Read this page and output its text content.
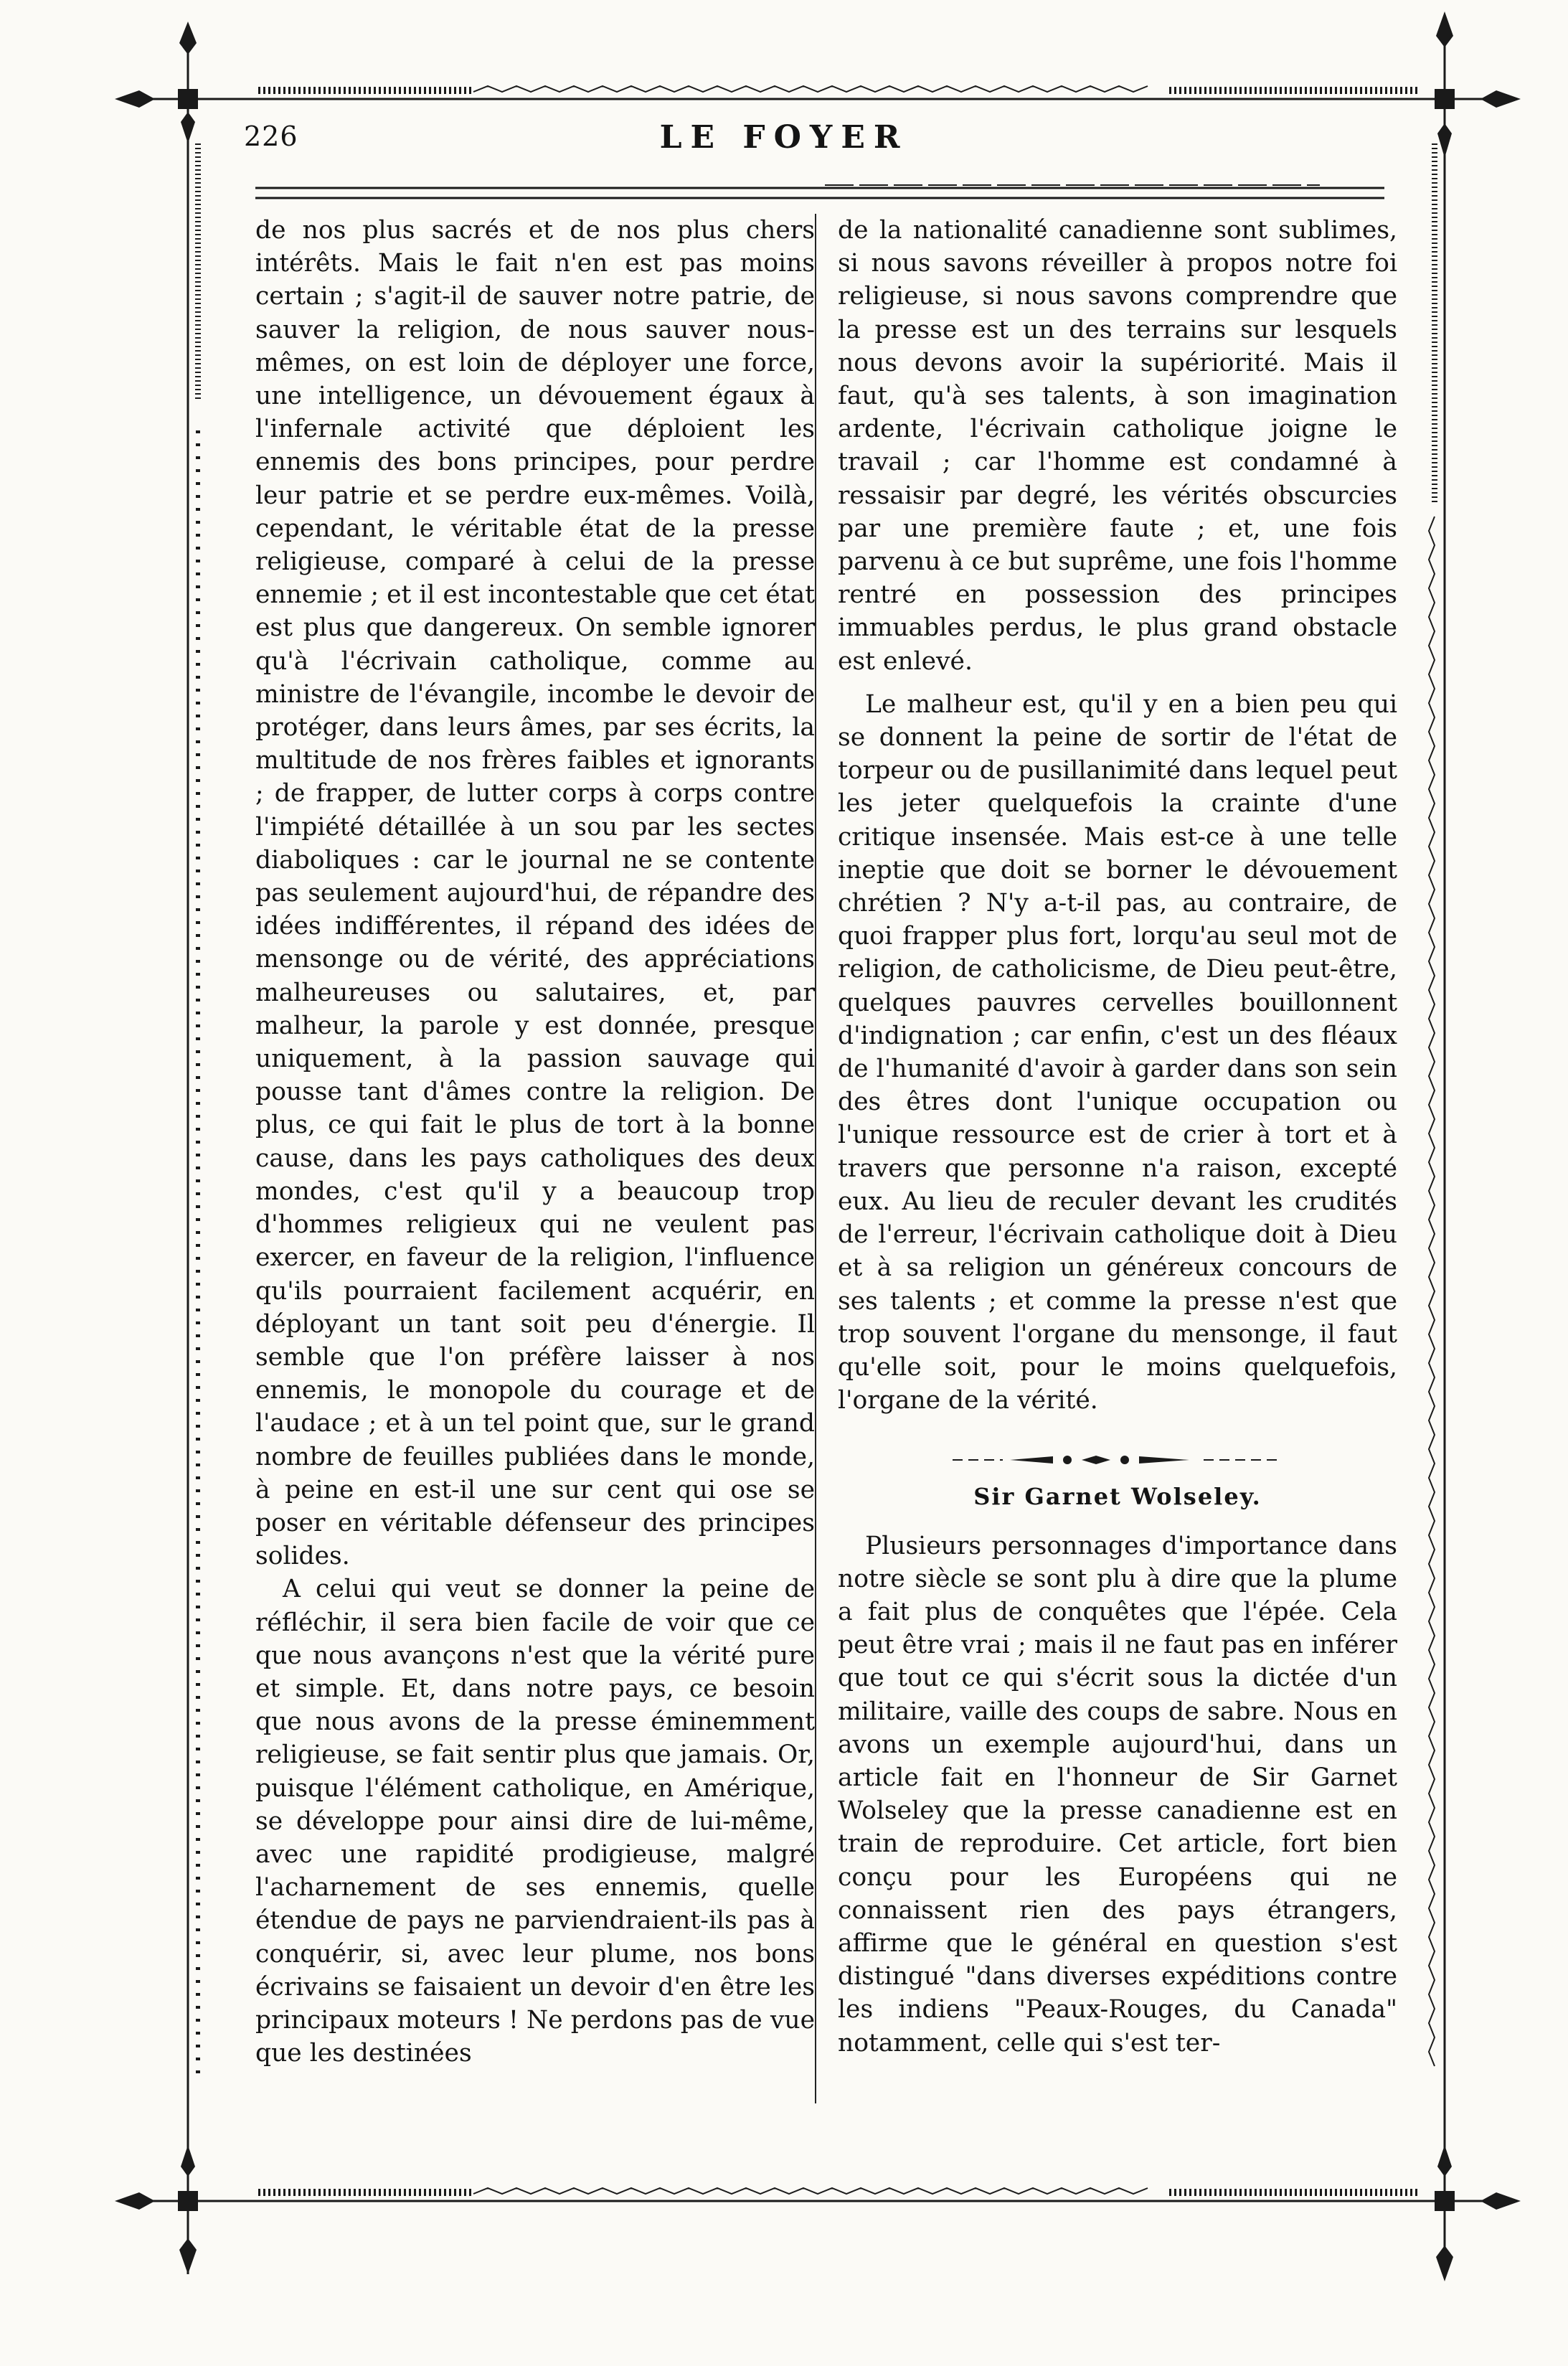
226	LE FOYER

de nos plus sacrés et de nos plus chers intérêts. Mais le fait n'en est pas moins certain ; s'agit-il de sauver notre patrie, de sauver la religion, de nous sauver nous-mêmes, on est loin de déployer une force, une intelligence, un dévouement égaux à l'infernale activité que déploient les ennemis des bons principes, pour perdre leur patrie et se perdre eux-mêmes. Voilà, cependant, le véritable état de la presse religieuse, comparé à celui de la presse ennemie ; et il est incontestable que cet état est plus que dangereux. On semble ignorer qu'à l'écrivain catholique, comme au ministre de l'évangile, incombe le devoir de protéger, dans leurs âmes, par ses écrits, la multitude de nos frères faibles et ignorants ; de frapper, de lutter corps à corps contre l'impiété détaillée à un sou par les sectes diaboliques : car le journal ne se contente pas seulement aujourd'hui, de répandre des idées indifférentes, il répand des idées de mensonge ou de vérité, des appréciations malheureuses ou salutaires, et, par malheur, la parole y est donnée, presque uniquement, à la passion sauvage qui pousse tant d'âmes contre la religion. De plus, ce qui fait le plus de tort à la bonne cause, dans les pays catholiques des deux mondes, c'est qu'il y a beaucoup trop d'hommes religieux qui ne veulent pas exercer, en faveur de la religion, l'influence qu'ils pourraient facilement acquérir, en déployant un tant soit peu d'énergie. Il semble que l'on préfère laisser à nos ennemis, le monopole du courage et de l'audace ; et à un tel point que, sur le grand nombre de feuilles publiées dans le monde, à peine en est-il une sur cent qui ose se poser en véritable défenseur des principes solides.

A celui qui veut se donner la peine de réfléchir, il sera bien facile de voir que ce que nous avançons n'est que la vérité pure et simple. Et, dans notre pays, ce besoin que nous avons de la presse éminemment religieuse, se fait sentir plus que jamais. Or, puisque l'élément catholique, en Amérique, se développe pour ainsi dire de lui-même, avec une rapidité prodigieuse, malgré l'acharnement de ses ennemis, quelle étendue de pays ne parviendraient-ils pas à conquérir, si, avec leur plume, nos bons écrivains se faisaient un devoir d'en être les principaux moteurs ! Ne perdons pas de vue que les destinées

de la nationalité canadienne sont sublimes, si nous savons réveiller à propos notre foi religieuse, si nous savons comprendre que la presse est un des terrains sur lesquels nous devons avoir la supériorité. Mais il faut, qu'à ses talents, à son imagination ardente, l'écrivain catholique joigne le travail ; car l'homme est condamné à ressaisir par degré, les vérités obscurcies par une première faute ; et, une fois parvenu à ce but suprême, une fois l'homme rentré en possession des principes immuables perdus, le plus grand obstacle est enlevé.

Le malheur est, qu'il y en a bien peu qui se donnent la peine de sortir de l'état de torpeur ou de pusillanimité dans lequel peut les jeter quelquefois la crainte d'une critique insensée. Mais est-ce à une telle ineptie que doit se borner le dévouement chrétien ? N'y a-t-il pas, au contraire, de quoi frapper plus fort, lorqu'au seul mot de religion, de catholicisme, de Dieu peut-être, quelques pauvres cervelles bouillonnent d'indignation ; car enfin, c'est un des fléaux de l'humanité d'avoir à garder dans son sein des êtres dont l'unique occupation ou l'unique ressource est de crier à tort et à travers que personne n'a raison, excepté eux. Au lieu de reculer devant les crudités de l'erreur, l'écrivain catholique doit à Dieu et à sa religion un généreux concours de ses talents ; et comme la presse n'est que trop souvent l'organe du mensonge, il faut qu'elle soit, pour le moins quelquefois, l'organe de la vérité.

Sir Garnet Wolseley.

Plusieurs personnages d'importance dans notre siècle se sont plu à dire que la plume a fait plus de conquêtes que l'épée. Cela peut être vrai ; mais il ne faut pas en inférer que tout ce qui s'écrit sous la dictée d'un militaire, vaille des coups de sabre. Nous en avons un exemple aujourd'hui, dans un article fait en l'honneur de Sir Garnet Wolseley que la presse canadienne est en train de reproduire. Cet article, fort bien conçu pour les Européens qui ne connaissent rien des pays étrangers, affirme que le général en question s'est distingué "dans diverses expéditions contre les indiens "Peaux-Rouges, du Canada" notamment, celle qui s'est ter-
